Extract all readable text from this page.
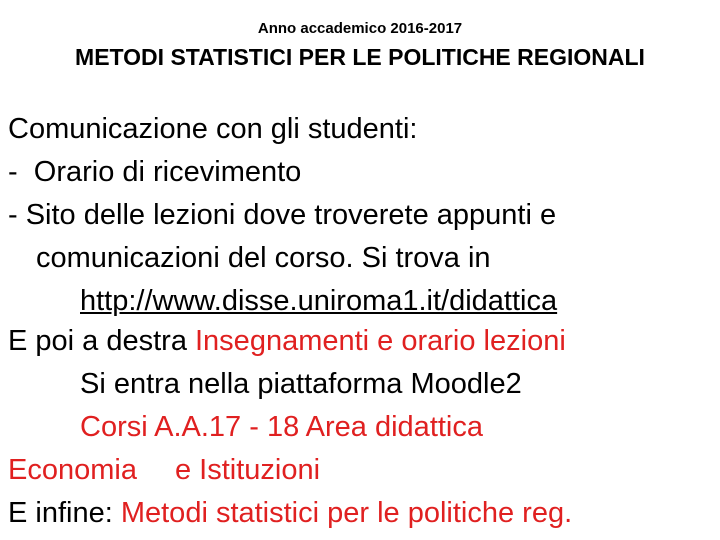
Anno accademico 2016-2017
METODI STATISTICI PER LE POLITICHE REGIONALI
Comunicazione con gli studenti:
-  Orario di ricevimento
- Sito delle lezioni dove troverete appunti e
comunicazioni del corso. Si trova in
http://www.disse.uniroma1.it/didattica
E poi a destra Insegnamenti e orario lezioni
Si entra nella piattaforma Moodle2
Corsi A.A.17 - 18 Area didattica
Economia e Istituzioni
E infine: Metodi statistici per le politiche reg.
